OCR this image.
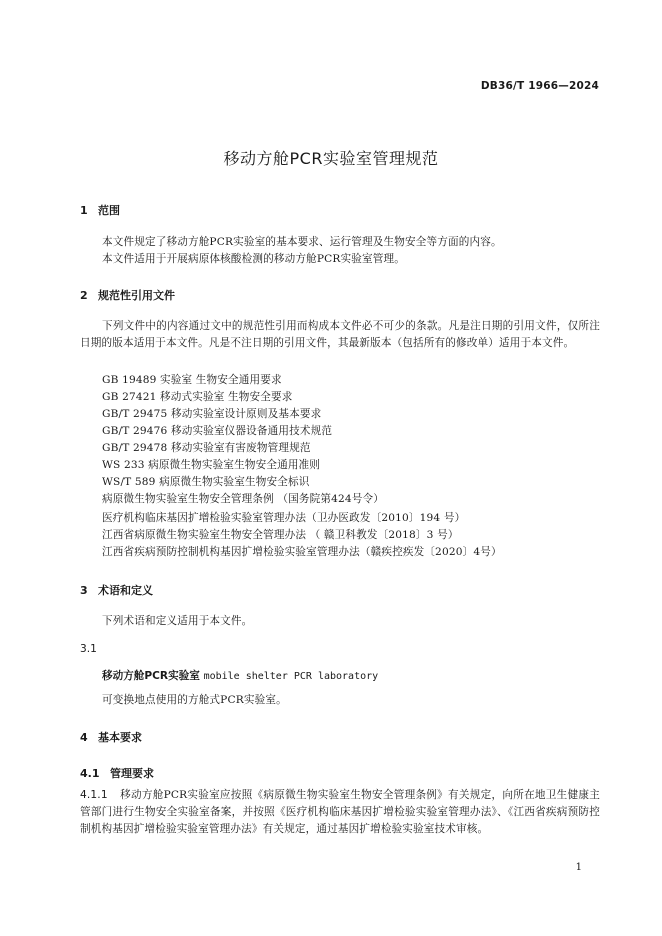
DB36/T 1966—2024
移动方舱PCR实验室管理规范
1 范围
本文件规定了移动方舱PCR实验室的基本要求、运行管理及生物安全等方面的内容。
本文件适用于开展病原体核酸检测的移动方舱PCR实验室管理。
2 规范性引用文件
下列文件中的内容通过文中的规范性引用而构成本文件必不可少的条款。凡是注日期的引用文件，仅所注日期的版本适用于本文件。凡是不注日期的引用文件，其最新版本（包括所有的修改单）适用于本文件。
GB 19489 实验室 生物安全通用要求
GB 27421 移动式实验室 生物安全要求
GB/T 29475 移动实验室设计原则及基本要求
GB/T 29476 移动实验室仪器设备通用技术规范
GB/T 29478 移动实验室有害废物管理规范
WS 233 病原微生物实验室生物安全通用准则
WS/T 589 病原微生物实验室生物安全标识
病原微生物实验室生物安全管理条例 （国务院第424号令）
医疗机构临床基因扩增检验实验室管理办法（卫办医政发〔2010〕194 号）
江西省病原微生物实验室生物安全管理办法 （ 赣卫科教发〔2018〕3 号）
江西省疾病预防控制机构基因扩增检验实验室管理办法（赣疾控疾发〔2020〕4号）
3 术语和定义
下列术语和定义适用于本文件。
3.1
移动方舱PCR实验室 mobile shelter PCR laboratory
可变换地点使用的方舱式PCR实验室。
4 基本要求
4.1 管理要求
4.1.1 移动方舱PCR实验室应按照《病原微生物实验室生物安全管理条例》有关规定，向所在地卫生健康主管部门进行生物安全实验室备案，并按照《医疗机构临床基因扩增检验实验室管理办法》、《江西省疾病预防控制机构基因扩增检验实验室管理办法》有关规定，通过基因扩增检验实验室技术审核。
1
